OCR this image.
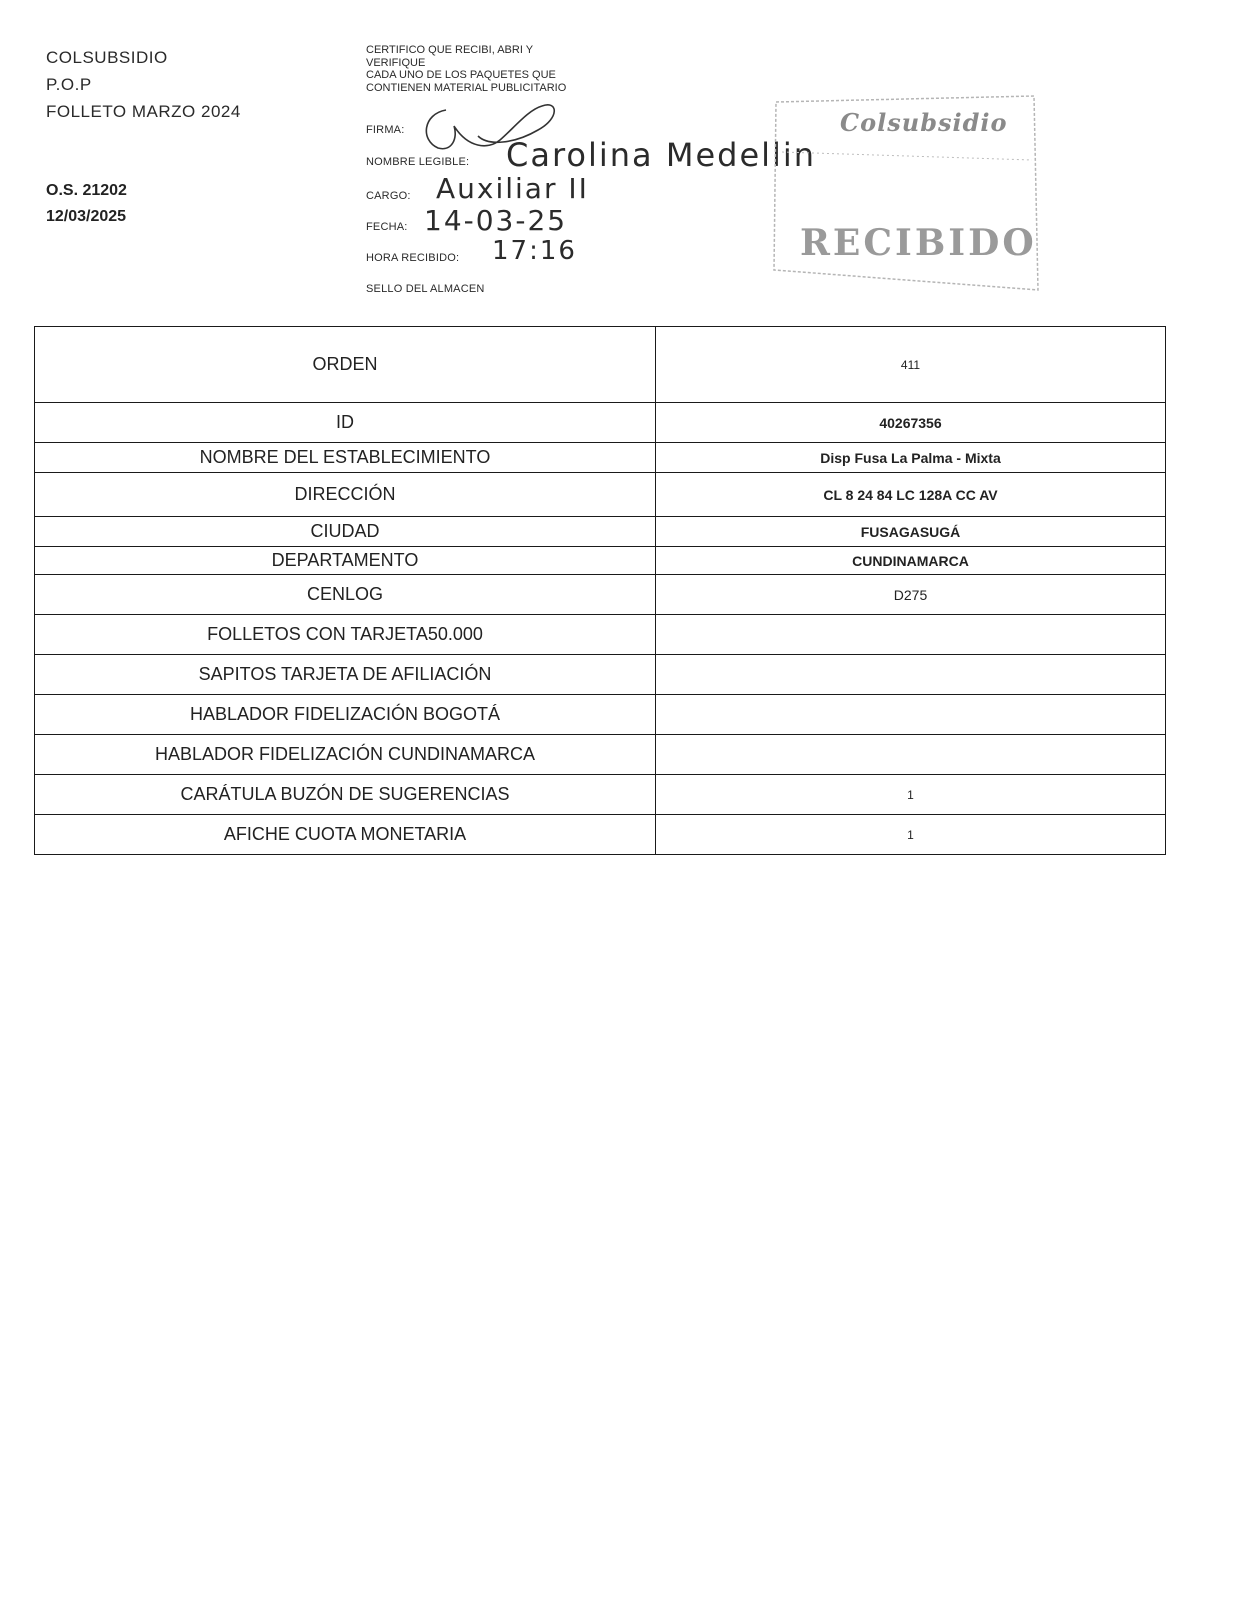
COLSUBSIDIO
P.O.P
FOLLETO MARZO 2024
O.S. 21202
12/03/2025
CERTIFICO QUE RECIBI, ABRI Y
VERIFIQUE
CADA UNO DE LOS PAQUETES QUE
CONTIENEN MATERIAL PUBLICITARIO
FIRMA:
NOMBRE LEGIBLE: Carolina Medellin
CARGO: Auxiliar II
FECHA: 14-03-25
HORA RECIBIDO: 17:16
SELLO DEL ALMACEN
Colsubsidio
RECIBIDO
ORDEN	411
ID	40267356
NOMBRE DEL ESTABLECIMIENTO	Disp Fusa La Palma - Mixta
DIRECCIÓN	CL 8 24 84 LC 128A CC AV
CIUDAD	FUSAGASUGÁ
DEPARTAMENTO	CUNDINAMARCA
CENLOG	D275
FOLLETOS CON TARJETA50.000	
SAPITOS TARJETA DE AFILIACIÓN	
HABLADOR FIDELIZACIÓN BOGOTÁ	
HABLADOR FIDELIZACIÓN CUNDINAMARCA	
CARÁTULA BUZÓN DE SUGERENCIAS	1
AFICHE CUOTA MONETARIA	1
